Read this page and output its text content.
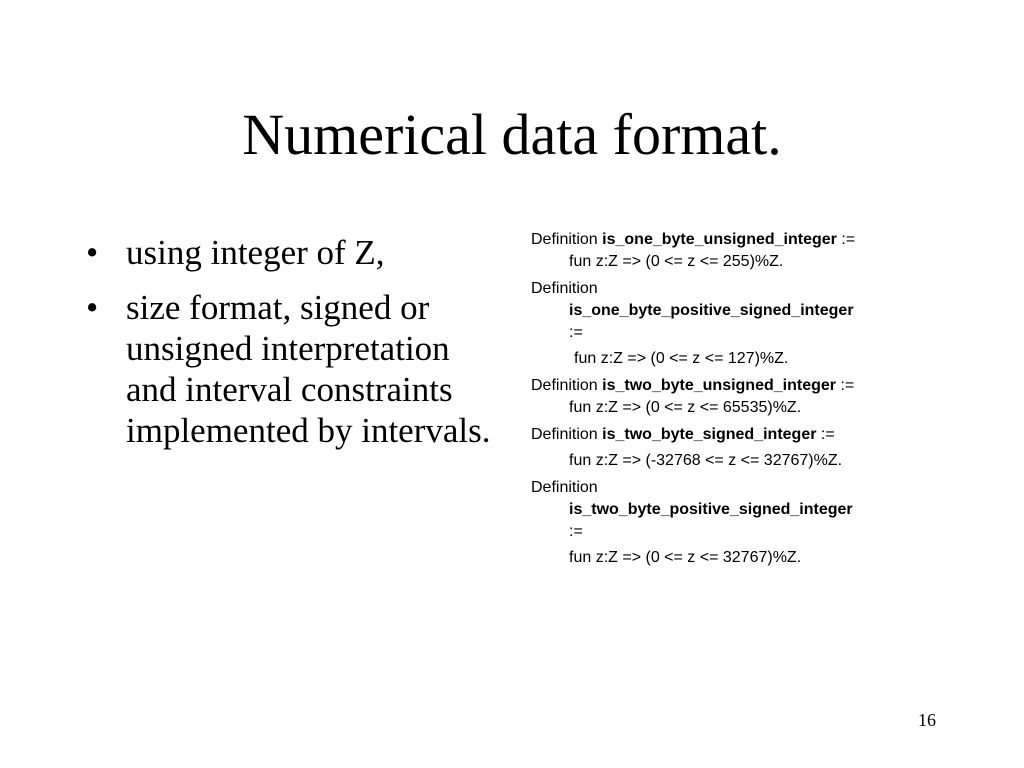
Numerical data format.
• using integer of Z,
• size format, signed or unsigned interpretation and interval constraints implemented by intervals.
Definition is_one_byte_unsigned_integer :=
fun z:Z => (0 <= z <= 255)%Z.
Definition
is_one_byte_positive_signed_integer
:=
fun z:Z => (0 <= z <= 127)%Z.
Definition is_two_byte_unsigned_integer :=
fun z:Z => (0 <= z <= 65535)%Z.
Definition is_two_byte_signed_integer :=
fun z:Z => (-32768 <= z <= 32767)%Z.
Definition
is_two_byte_positive_signed_integer
:=
fun z:Z => (0 <= z <= 32767)%Z.
16
